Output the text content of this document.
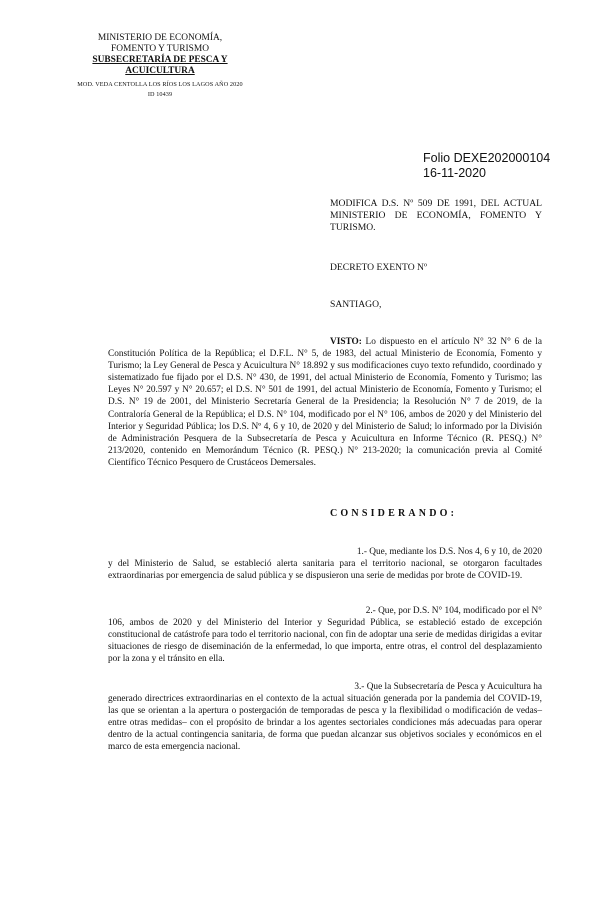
MINISTERIO DE ECONOMÍA,
FOMENTO Y TURISMO
SUBSECRETARÍA DE PESCA Y
ACUICULTURA
MOD. VEDA CENTOLLA LOS RÍOS LOS LAGOS AÑO 2020
ID 10439
Folio DEXE202000104
16-11-2020
MODIFICA D.S. Nº 509 DE 1991, DEL ACTUAL MINISTERIO DE ECONOMÍA, FOMENTO Y TURISMO.
DECRETO EXENTO Nº
SANTIAGO,
VISTO: Lo dispuesto en el artículo N° 32 N° 6 de la Constitución Política de la República; el D.F.L. N° 5, de 1983, del actual Ministerio de Economía, Fomento y Turismo; la Ley General de Pesca y Acuicultura N° 18.892 y sus modificaciones cuyo texto refundido, coordinado y sistematizado fue fijado por el D.S. N° 430, de 1991, del actual Ministerio de Economía, Fomento y Turismo; las Leyes N° 20.597 y N° 20.657; el D.S. N° 501 de 1991, del actual Ministerio de Economía, Fomento y Turismo; el D.S. N° 19 de 2001, del Ministerio Secretaría General de la Presidencia; la Resolución N° 7 de 2019, de la Contraloría General de la República; el D.S. N° 104, modificado por el N° 106, ambos de 2020 y del Ministerio del Interior y Seguridad Pública; los D.S. Nº 4, 6 y 10, de 2020 y del Ministerio de Salud; lo informado por la División de Administración Pesquera de la Subsecretaría de Pesca y Acuicultura en Informe Técnico (R. PESQ.) N° 213/2020, contenido en Memorándum Técnico (R. PESQ.) N° 213-2020; la comunicación previa al Comité Científico Técnico Pesquero de Crustáceos Demersales.
CONSIDERANDO:
1.- Que, mediante los D.S. Nos 4, 6 y 10, de 2020
y del Ministerio de Salud, se estableció alerta sanitaria para el territorio nacional, se otorgaron facultades extraordinarias por emergencia de salud pública y se dispusieron una serie de medidas por brote de COVID-19.
2.- Que, por D.S. N° 104, modificado por el N°
106, ambos de 2020 y del Ministerio del Interior y Seguridad Pública, se estableció estado de excepción constitucional de catástrofe para todo el territorio nacional, con fin de adoptar una serie de medidas dirigidas a evitar situaciones de riesgo de diseminación de la enfermedad, lo que importa, entre otras, el control del desplazamiento por la zona y el tránsito en ella.
3.- Que la Subsecretaría de Pesca y Acuicultura ha
generado directrices extraordinarias en el contexto de la actual situación generada por la pandemia del COVID-19, las que se orientan a la apertura o postergación de temporadas de pesca y la flexibilidad o modificación de vedas–entre otras medidas– con el propósito de brindar a los agentes sectoriales condiciones más adecuadas para operar dentro de la actual contingencia sanitaria, de forma que puedan alcanzar sus objetivos sociales y económicos en el marco de esta emergencia nacional.
